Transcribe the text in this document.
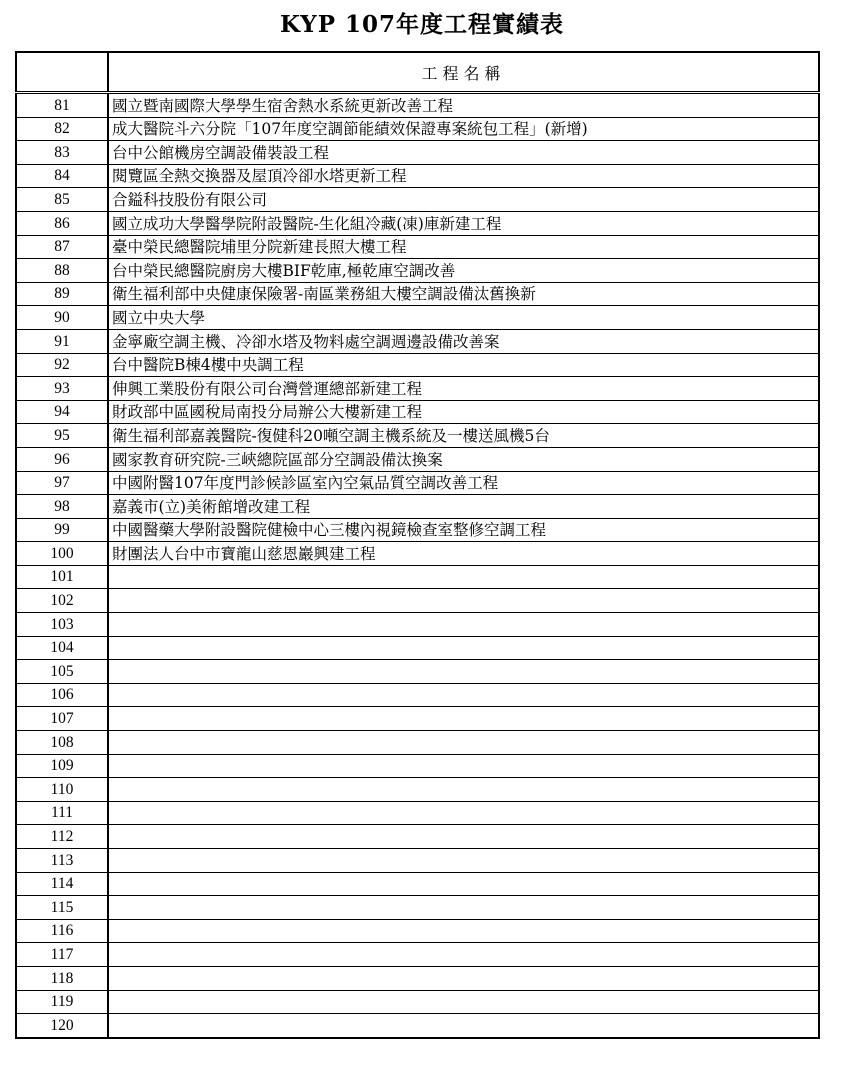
KYP 107年度工程實績表
	工程名稱
81	國立暨南國際大學學生宿舍熱水系統更新改善工程
82	成大醫院斗六分院「107年度空調節能績效保證專案統包工程」(新增)
83	台中公館機房空調設備裝設工程
84	閱覽區全熱交換器及屋頂冷卻水塔更新工程
85	合鎰科技股份有限公司
86	國立成功大學醫學院附設醫院-生化組冷藏(凍)庫新建工程
87	臺中榮民總醫院埔里分院新建長照大樓工程
88	台中榮民總醫院廚房大樓BIF乾庫,極乾庫空調改善
89	衛生福利部中央健康保險署-南區業務組大樓空調設備汰舊換新
90	國立中央大學
91	金寧廠空調主機、冷卻水塔及物料處空調週邊設備改善案
92	台中醫院B棟4樓中央調工程
93	伸興工業股份有限公司台灣營運總部新建工程
94	財政部中區國稅局南投分局辦公大樓新建工程
95	衛生福利部嘉義醫院-復健科20噸空調主機系統及一樓送風機5台
96	國家教育研究院-三峽總院區部分空調設備汰換案
97	中國附醫107年度門診候診區室內空氣品質空調改善工程
98	嘉義市(立)美術館增改建工程
99	中國醫藥大學附設醫院健檢中心三樓內視鏡檢查室整修空調工程
100	財團法人台中市寶龍山慈恩巖興建工程
101	
102	
103	
104	
105	
106	
107	
108	
109	
110	
111	
112	
113	
114	
115	
116	
117	
118	
119	
120	
